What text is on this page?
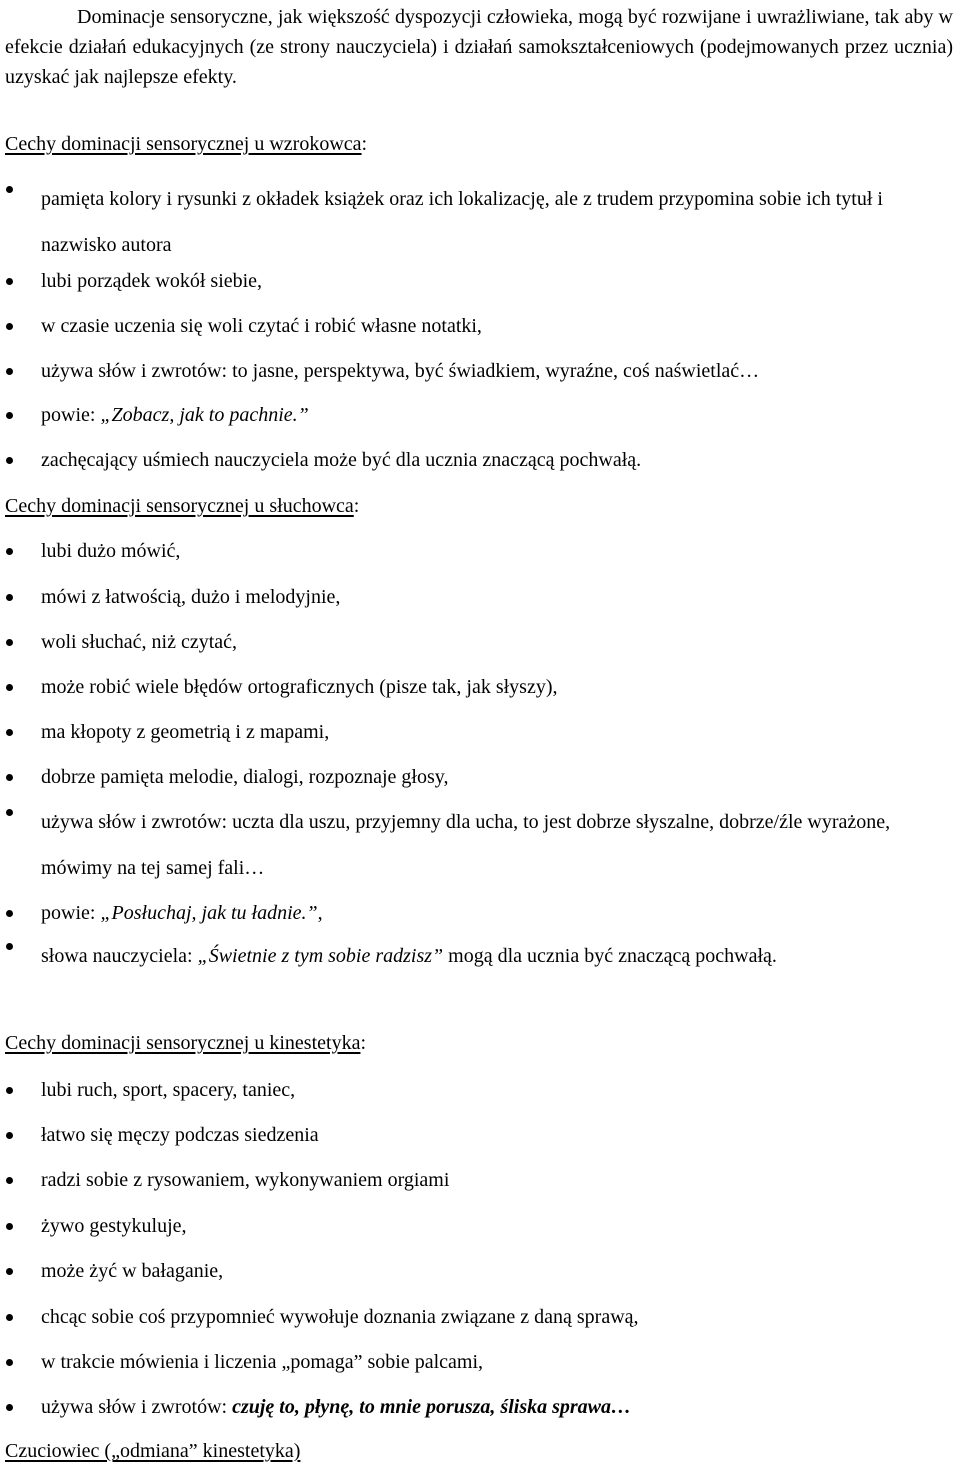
Dominacje sensoryczne, jak większość dyspozycji człowieka, mogą być rozwijane i uwrażliwiane, tak aby w efekcie działań edukacyjnych (ze strony nauczyciela) i działań samokształceniowych (podejmowanych przez ucznia) uzyskać jak najlepsze efekty.

Cechy dominacji sensorycznej u wzrokowca:

pamięta kolory i rysunki z okładek książek oraz ich lokalizację, ale z trudem przypomina sobie ich tytuł i nazwisko autora

lubi porządek wokół siebie,

w czasie uczenia się woli czytać i robić własne notatki,

używa słów i zwrotów: to jasne, perspektywa, być świadkiem, wyraźne, coś naświetlać…

powie: „Zobacz, jak to pachnie.”

zachęcający uśmiech nauczyciela może być dla ucznia znaczącą pochwałą.

Cechy dominacji sensorycznej u słuchowca:

lubi dużo mówić,

mówi z łatwością, dużo i melodyjnie,

woli słuchać, niż czytać,

może robić wiele błędów ortograficznych (pisze tak, jak słyszy),

ma kłopoty z geometrią i z mapami,

dobrze pamięta melodie, dialogi, rozpoznaje głosy,

używa słów i zwrotów: uczta dla uszu, przyjemny dla ucha, to jest dobrze słyszalne, dobrze/źle wyrażone, mówimy na tej samej fali…

powie: „Posłuchaj, jak tu ładnie.”,

słowa nauczyciela: „Świetnie z tym sobie radzisz” mogą dla ucznia być znaczącą pochwałą.

Cechy dominacji sensorycznej u kinestetyka:

lubi ruch, sport, spacery, taniec,

łatwo się męczy podczas siedzenia

radzi sobie z rysowaniem, wykonywaniem orgiami

żywo gestykuluje,

może żyć w bałaganie,

chcąc sobie coś przypomnieć wywołuje doznania związane z daną sprawą,

w trakcie mówienia i liczenia „pomaga” sobie palcami,

używa słów i zwrotów: czuję to, płynę, to mnie porusza, śliska sprawa…

Czuciowiec („odmiana” kinestetyka)
